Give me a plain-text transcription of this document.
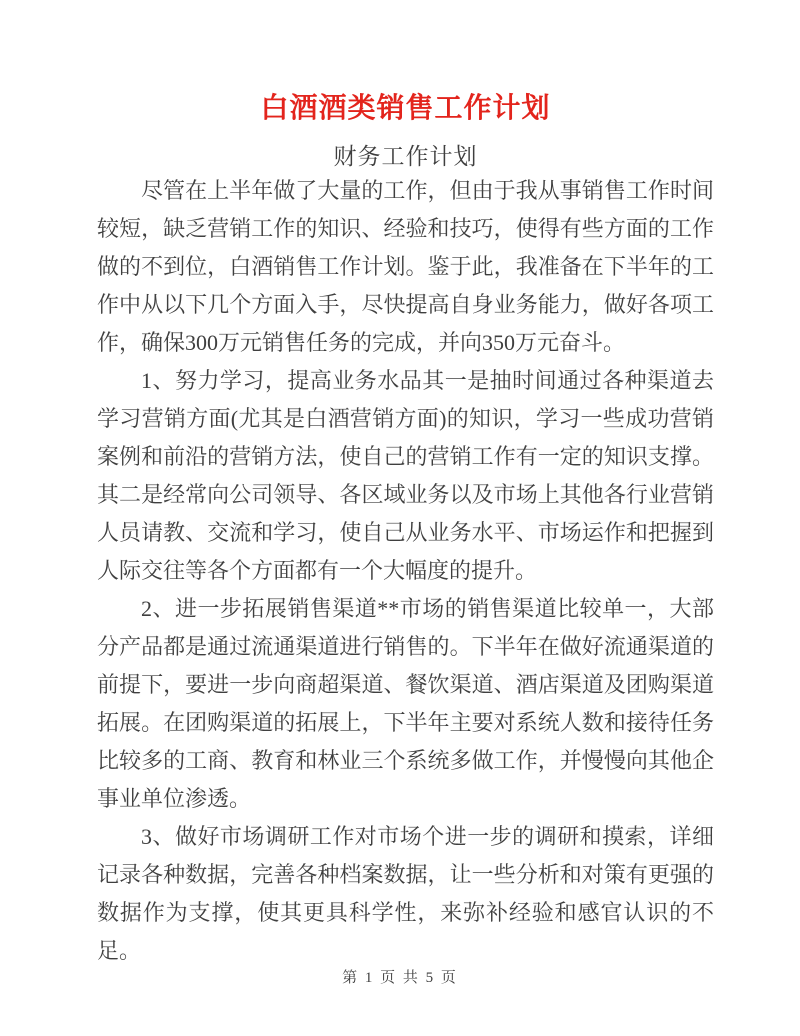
白酒酒类销售工作计划
财务工作计划

尽管在上半年做了大量的工作，但由于我从事销售工作时间较短，缺乏营销工作的知识、经验和技巧，使得有些方面的工作做的不到位，白酒销售工作计划。鉴于此，我准备在下半年的工作中从以下几个方面入手，尽快提高自身业务能力，做好各项工作，确保300万元销售任务的完成，并向350万元奋斗。

1、努力学习，提高业务水品其一是抽时间通过各种渠道去学习营销方面(尤其是白酒营销方面)的知识，学习一些成功营销案例和前沿的营销方法，使自己的营销工作有一定的知识支撑。其二是经常向公司领导、各区域业务以及市场上其他各行业营销人员请教、交流和学习，使自己从业务水平、市场运作和把握到人际交往等各个方面都有一个大幅度的提升。

2、进一步拓展销售渠道**市场的销售渠道比较单一，大部分产品都是通过流通渠道进行销售的。下半年在做好流通渠道的前提下，要进一步向商超渠道、餐饮渠道、酒店渠道及团购渠道拓展。在团购渠道的拓展上，下半年主要对系统人数和接待任务比较多的工商、教育和林业三个系统多做工作，并慢慢向其他企事业单位渗透。

3、做好市场调研工作对市场个进一步的调研和摸索，详细记录各种数据，完善各种档案数据，让一些分析和对策有更强的数据作为支撑，使其更具科学性，来弥补经验和感官认识的不足。

第 1 页 共 5 页
